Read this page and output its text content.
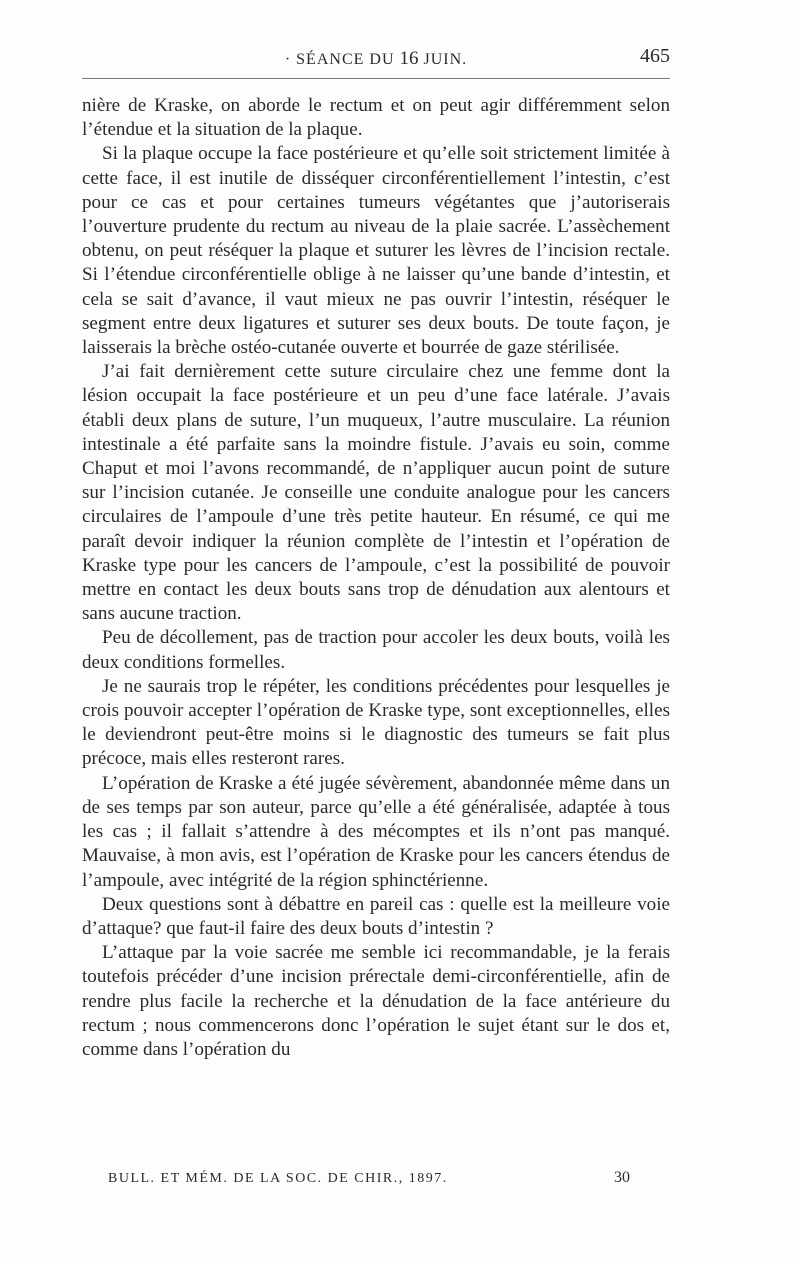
· SÉANCE DU 16 JUIN.	465

nière de Kraske, on aborde le rectum et on peut agir différemment selon l’étendue et la situation de la plaque.

Si la plaque occupe la face postérieure et qu’elle soit strictement limitée à cette face, il est inutile de disséquer circonférentiellement l’intestin, c’est pour ce cas et pour certaines tumeurs végétantes que j’autoriserais l’ouverture prudente du rectum au niveau de la plaie sacrée. L’assèchement obtenu, on peut réséquer la plaque et suturer les lèvres de l’incision rectale. Si l’étendue circonférentielle oblige à ne laisser qu’une bande d’intestin, et cela se sait d’avance, il vaut mieux ne pas ouvrir l’intestin, réséquer le segment entre deux ligatures et suturer ses deux bouts. De toute façon, je laisserais la brèche ostéo-cutanée ouverte et bourrée de gaze stérilisée.

J’ai fait dernièrement cette suture circulaire chez une femme dont la lésion occupait la face postérieure et un peu d’une face latérale. J’avais établi deux plans de suture, l’un muqueux, l’autre musculaire. La réunion intestinale a été parfaite sans la moindre fistule. J’avais eu soin, comme Chaput et moi l’avons recommandé, de n’appliquer aucun point de suture sur l’incision cutanée. Je conseille une conduite analogue pour les cancers circulaires de l’ampoule d’une très petite hauteur. En résumé, ce qui me paraît devoir indiquer la réunion complète de l’intestin et l’opération de Kraske type pour les cancers de l’ampoule, c’est la possibilité de pouvoir mettre en contact les deux bouts sans trop de dénudation aux alentours et sans aucune traction.

Peu de décollement, pas de traction pour accoler les deux bouts, voilà les deux conditions formelles.

Je ne saurais trop le répéter, les conditions précédentes pour lesquelles je crois pouvoir accepter l’opération de Kraske type, sont exceptionnelles, elles le deviendront peut-être moins si le diagnostic des tumeurs se fait plus précoce, mais elles resteront rares.

L’opération de Kraske a été jugée sévèrement, abandonnée même dans un de ses temps par son auteur, parce qu’elle a été généralisée, adaptée à tous les cas ; il fallait s’attendre à des mécomptes et ils n’ont pas manqué. Mauvaise, à mon avis, est l’opération de Kraske pour les cancers étendus de l’ampoule, avec intégrité de la région sphinctérienne.

Deux questions sont à débattre en pareil cas : quelle est la meilleure voie d’attaque? que faut-il faire des deux bouts d’intestin ?

L’attaque par la voie sacrée me semble ici recommandable, je la ferais toutefois précéder d’une incision prérectale demi-circonférentielle, afin de rendre plus facile la recherche et la dénudation de la face antérieure du rectum ; nous commencerons donc l’opération le sujet étant sur le dos et, comme dans l’opération du

BULL. ET MÉM. DE LA SOC. DE CHIR., 1897.	30
